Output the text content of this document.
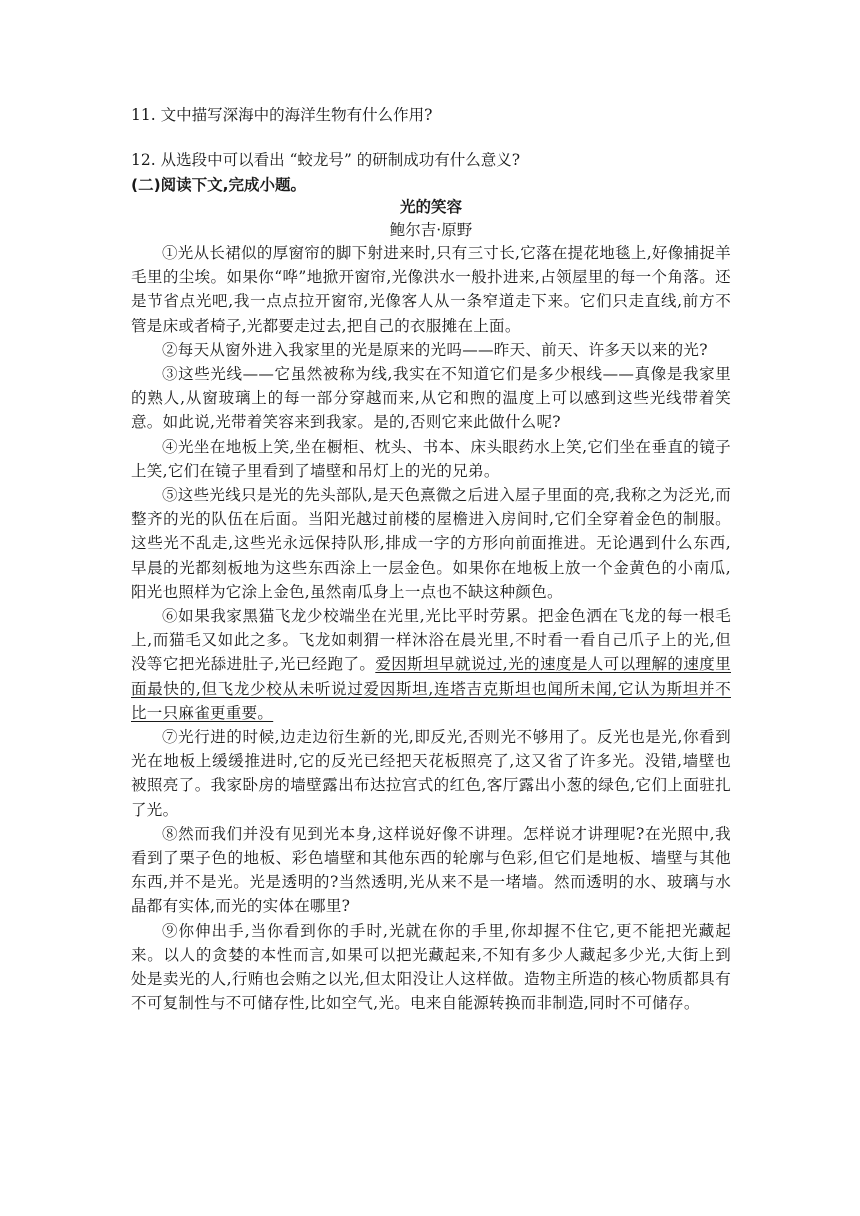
11. 文中描写深海中的海洋生物有什么作用?
12. 从选段中可以看出 “蛟龙号” 的研制成功有什么意义?
(二)阅读下文,完成小题。
光的笑容
鲍尔吉·原野

①光从长裙似的厚窗帘的脚下射进来时,只有三寸长,它落在提花地毯上,好像捕捉羊毛里的尘埃。如果你“哗”地掀开窗帘,光像洪水一般扑进来,占领屋里的每一个角落。还是节省点光吧,我一点点拉开窗帘,光像客人从一条窄道走下来。它们只走直线,前方不管是床或者椅子,光都要走过去,把自己的衣服摊在上面。

②每天从窗外进入我家里的光是原来的光吗——昨天、前天、许多天以来的光?

③这些光线——它虽然被称为线,我实在不知道它们是多少根线——真像是我家里的熟人,从窗玻璃上的每一部分穿越而来,从它和煦的温度上可以感到这些光线带着笑意。如此说,光带着笑容来到我家。是的,否则它来此做什么呢?

④光坐在地板上笑,坐在橱柜、枕头、书本、床头眼药水上笑,它们坐在垂直的镜子上笑,它们在镜子里看到了墙壁和吊灯上的光的兄弟。

⑤这些光线只是光的先头部队,是天色熹微之后进入屋子里面的亮,我称之为泛光,而整齐的光的队伍在后面。当阳光越过前楼的屋檐进入房间时,它们全穿着金色的制服。这些光不乱走,这些光永远保持队形,排成一字的方形向前面推进。无论遇到什么东西,早晨的光都刻板地为这些东西涂上一层金色。如果你在地板上放一个金黄色的小南瓜,阳光也照样为它涂上金色,虽然南瓜身上一点也不缺这种颜色。

⑥如果我家黑猫飞龙少校端坐在光里,光比平时劳累。把金色洒在飞龙的每一根毛上,而猫毛又如此之多。飞龙如刺猬一样沐浴在晨光里,不时看一看自己爪子上的光,但没等它把光舔进肚子,光已经跑了。爱因斯坦早就说过,光的速度是人可以理解的速度里面最快的,但飞龙少校从未听说过爱因斯坦,连塔吉克斯坦也闻所未闻,它认为斯坦并不比一只麻雀更重要。

⑦光行进的时候,边走边衍生新的光,即反光,否则光不够用了。反光也是光,你看到光在地板上缓缓推进时,它的反光已经把天花板照亮了,这又省了许多光。没错,墙壁也被照亮了。我家卧房的墙壁露出布达拉宫式的红色,客厅露出小葱的绿色,它们上面驻扎了光。

⑧然而我们并没有见到光本身,这样说好像不讲理。怎样说才讲理呢?在光照中,我看到了栗子色的地板、彩色墙壁和其他东西的轮廓与色彩,但它们是地板、墙壁与其他东西,并不是光。光是透明的?当然透明,光从来不是一堵墙。然而透明的水、玻璃与水晶都有实体,而光的实体在哪里?

⑨你伸出手,当你看到你的手时,光就在你的手里,你却握不住它,更不能把光藏起来。以人的贪婪的本性而言,如果可以把光藏起来,不知有多少人藏起多少光,大街上到处是卖光的人,行贿也会贿之以光,但太阳没让人这样做。造物主所造的核心物质都具有不可复制性与不可储存性,比如空气,光。电来自能源转换而非制造,同时不可储存。
